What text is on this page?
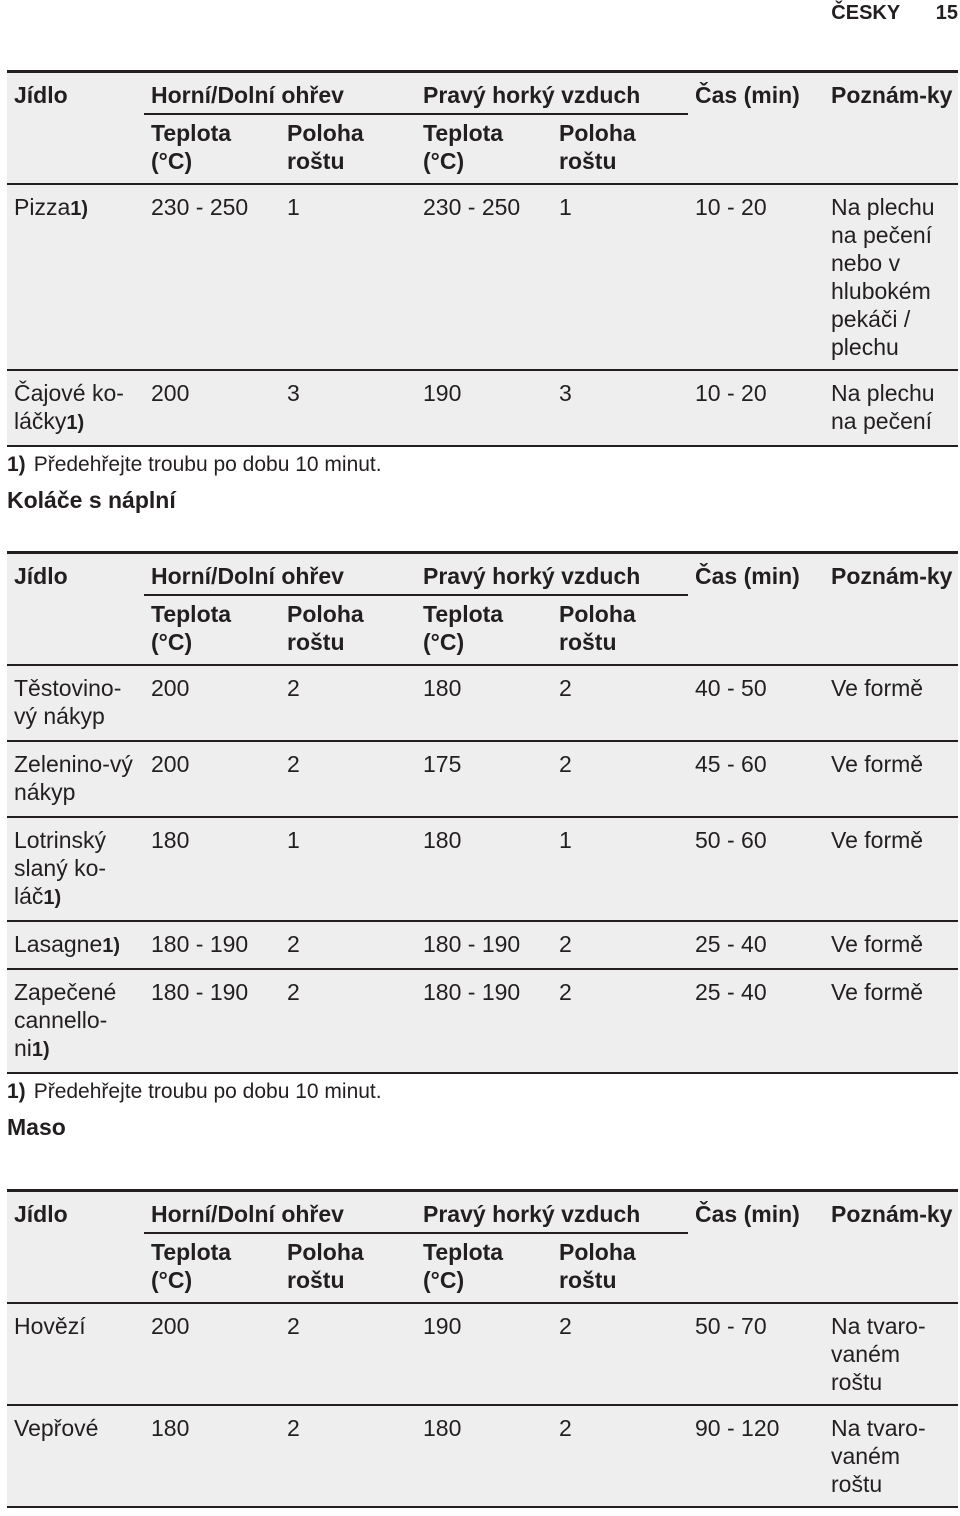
ČESKY 15
Jídlo	Horní/Dolní ohřev		Pravý horký vzduch		Čas (min)	Poznám-ky
	Teplota (°C)	Poloha roštu	Teplota (°C)	Poloha roštu		
Pizza1)	230 - 250	1	230 - 250	1	10 - 20	Na plechu na pečení nebo v hlubokém pekáči / plechu
Čajové ko-láčky1)	200	3	190	3	10 - 20	Na plechu na pečení
1) Předehřejte troubu po dobu 10 minut.
Koláče s náplní
Jídlo	Horní/Dolní ohřev		Pravý horký vzduch		Čas (min)	Poznám-ky
	Teplota (°C)	Poloha roštu	Teplota (°C)	Poloha roštu		
Těstovino-vý nákyp	200	2	180	2	40 - 50	Ve formě
Zelenino-vý nákyp	200	2	175	2	45 - 60	Ve formě
Lotrinský slaný ko-láč1)	180	1	180	1	50 - 60	Ve formě
Lasagne1)	180 - 190	2	180 - 190	2	25 - 40	Ve formě
Zapečené cannello-ni1)	180 - 190	2	180 - 190	2	25 - 40	Ve formě
1) Předehřejte troubu po dobu 10 minut.
Maso
Jídlo	Horní/Dolní ohřev		Pravý horký vzduch		Čas (min)	Poznám-ky
	Teplota (°C)	Poloha roštu	Teplota (°C)	Poloha roštu		
Hovězí	200	2	190	2	50 - 70	Na tvaro-vaném roštu
Vepřové	180	2	180	2	90 - 120	Na tvaro-vaném roštu
